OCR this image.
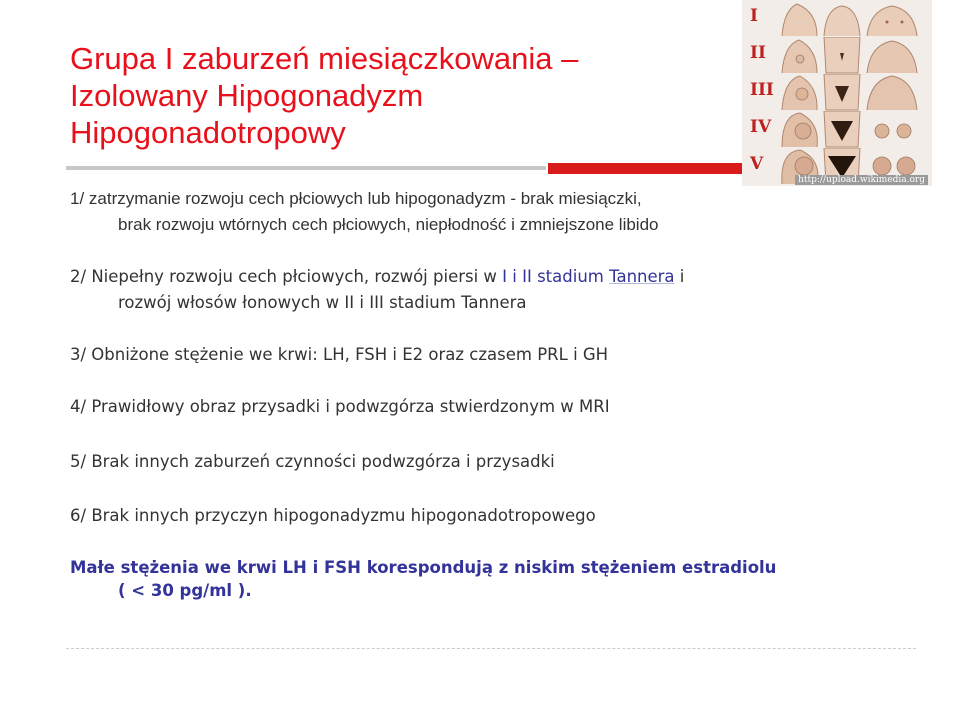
Grupa I zaburzeń miesiączkowania –
Izolowany Hipogonadyzm
Hipogonadotropowy
I
II
III
IV
V
http://upload.wikimedia.org
1/ zatrzymanie rozwoju cech płciowych lub hipogonadyzm - brak miesiączki,
brak rozwoju wtórnych cech płciowych, niepłodność i zmniejszone libido
2/ Niepełny rozwoju cech płciowych, rozwój piersi w I i II stadium Tannera i
rozwój włosów łonowych w II i III stadium Tannera
3/ Obniżone stężenie we krwi: LH, FSH i E2 oraz czasem PRL i GH
4/ Prawidłowy obraz przysadki i podwzgórza stwierdzonym w MRI
5/ Brak innych zaburzeń czynności podwzgórza i przysadki
6/ Brak innych przyczyn hipogonadyzmu hipogonadotropowego
Małe stężenia we krwi LH i FSH korespondują z niskim stężeniem estradiolu
( < 30 pg/ml ).
